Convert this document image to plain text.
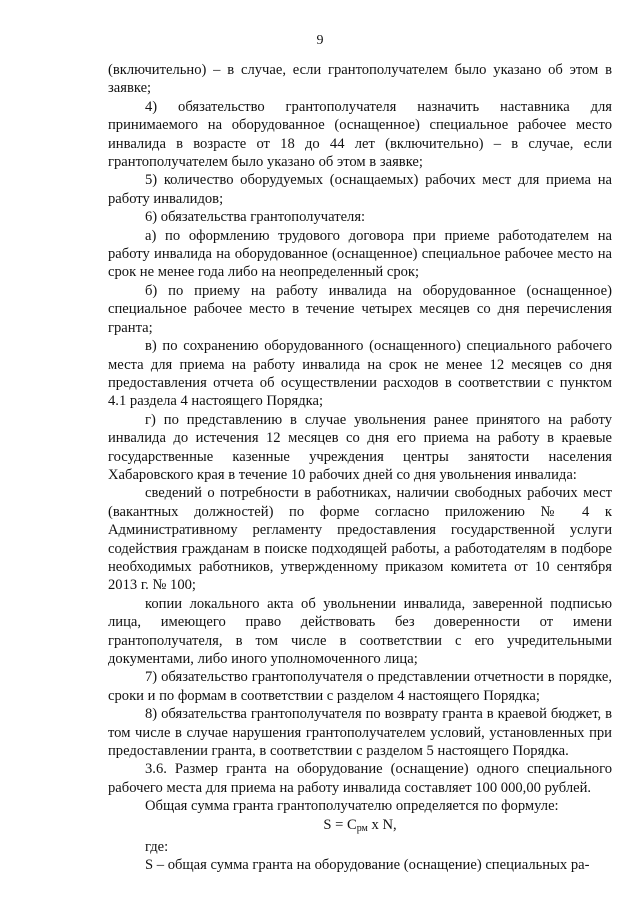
9

(включительно) – в случае, если грантополучателем было указано об этом в заявке;

4) обязательство грантополучателя назначить наставника для принимаемого на оборудованное (оснащенное) специальное рабочее место инвалида в возрасте от 18 до 44 лет (включительно) – в случае, если грантополучателем было указано об этом в заявке;

5) количество оборудуемых (оснащаемых) рабочих мест для приема на работу инвалидов;

6) обязательства грантополучателя:

а) по оформлению трудового договора при приеме работодателем на работу инвалида на оборудованное (оснащенное) специальное рабочее место на срок не менее года либо на неопределенный срок;

б) по приему на работу инвалида на оборудованное (оснащенное) специальное рабочее место в течение четырех месяцев со дня перечисления гранта;

в) по сохранению оборудованного (оснащенного) специального рабочего места для приема на работу инвалида на срок не менее 12 месяцев со дня предоставления отчета об осуществлении расходов в соответствии с пунктом 4.1 раздела 4 настоящего Порядка;

г) по представлению в случае увольнения ранее принятого на работу инвалида до истечения 12 месяцев со дня его приема на работу в краевые государственные казенные учреждения центры занятости населения Хабаровского края в течение 10 рабочих дней со дня увольнения инвалида:

сведений о потребности в работниках, наличии свободных рабочих мест (вакантных должностей) по форме согласно приложению № 4 к Административному регламенту предоставления государственной услуги содействия гражданам в поиске подходящей работы, а работодателям в подборе необходимых работников, утвержденному приказом комитета от 10 сентября 2013 г. № 100;

копии локального акта об увольнении инвалида, заверенной подписью лица, имеющего право действовать без доверенности от имени грантополучателя, в том числе в соответствии с его учредительными документами, либо иного уполномоченного лица;

7) обязательство грантополучателя о представлении отчетности в порядке, сроки и по формам в соответствии с разделом 4 настоящего Порядка;

8) обязательства грантополучателя по возврату гранта в краевой бюджет, в том числе в случае нарушения грантополучателем условий, установленных при предоставлении гранта, в соответствии с разделом 5 настоящего Порядка.

3.6. Размер гранта на оборудование (оснащение) одного специального рабочего места для приема на работу инвалида составляет 100 000,00 рублей.

Общая сумма гранта грантополучателю определяется по формуле:

$S = C_{рм}$ x N,

где:

S – общая сумма гранта на оборудование (оснащение) специальных ра-
